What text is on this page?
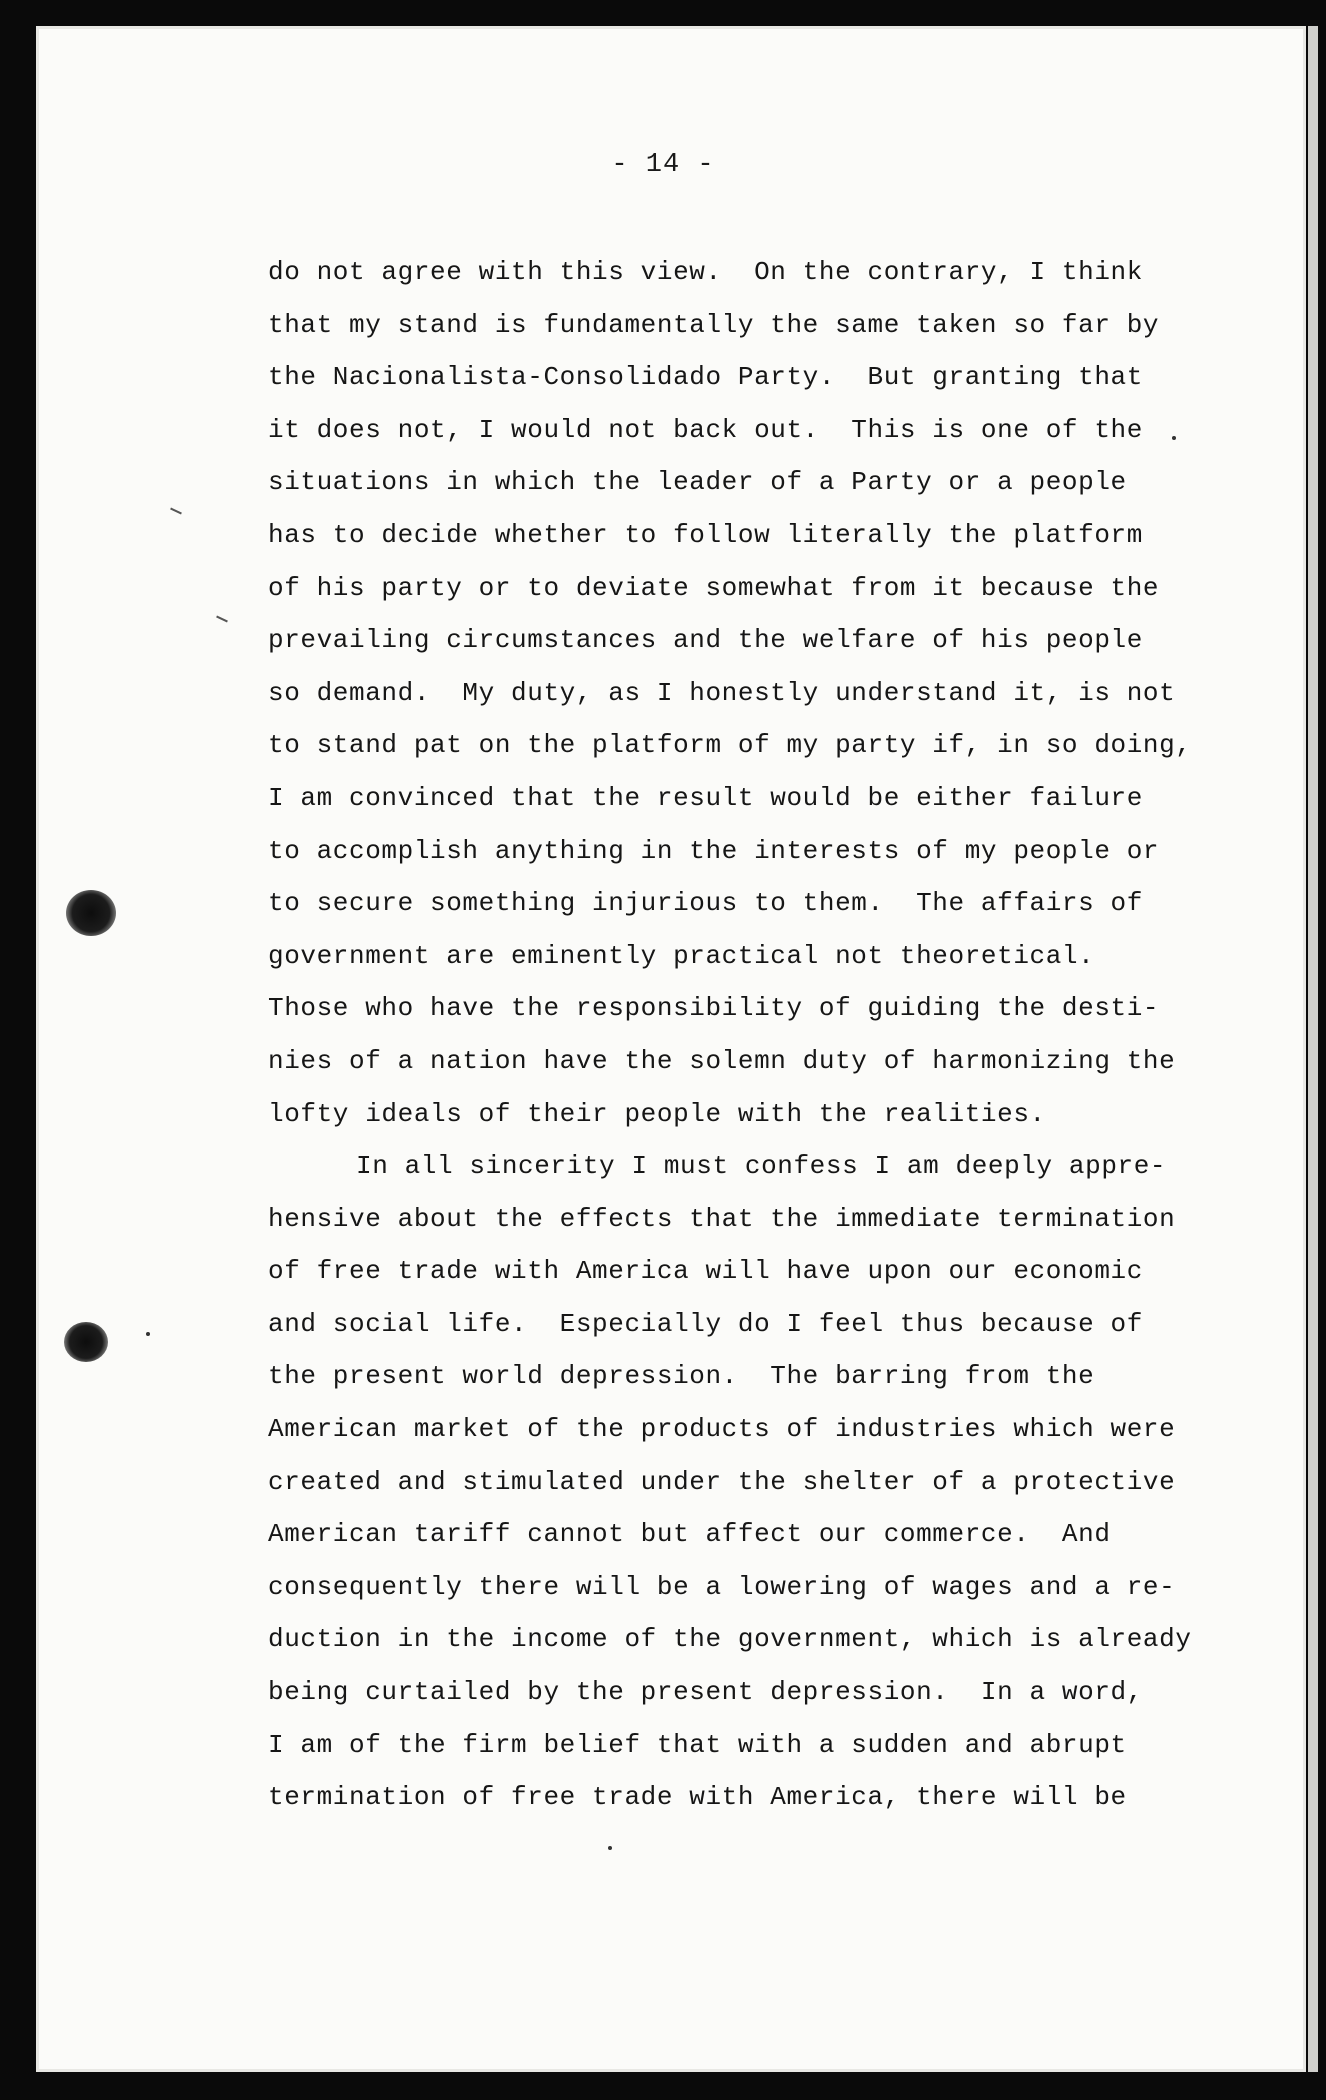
- 14 -
do not agree with this view.  On the contrary, I think
that my stand is fundamentally the same taken so far by
the Nacionalista-Consolidado Party.  But granting that
it does not, I would not back out.  This is one of the
situations in which the leader of a Party or a people
has to decide whether to follow literally the platform
of his party or to deviate somewhat from it because the
prevailing circumstances and the welfare of his people
so demand.  My duty, as I honestly understand it, is not
to stand pat on the platform of my party if, in so doing,
I am convinced that the result would be either failure
to accomplish anything in the interests of my people or
to secure something injurious to them.  The affairs of
government are eminently practical not theoretical.
Those who have the responsibility of guiding the desti-
nies of a nation have the solemn duty of harmonizing the
lofty ideals of their people with the realities.
In all sincerity I must confess I am deeply appre-
hensive about the effects that the immediate termination
of free trade with America will have upon our economic
and social life.  Especially do I feel thus because of
the present world depression.  The barring from the
American market of the products of industries which were
created and stimulated under the shelter of a protective
American tariff cannot but affect our commerce.  And
consequently there will be a lowering of wages and a re-
duction in the income of the government, which is already
being curtailed by the present depression.  In a word,
I am of the firm belief that with a sudden and abrupt
termination of free trade with America, there will be
